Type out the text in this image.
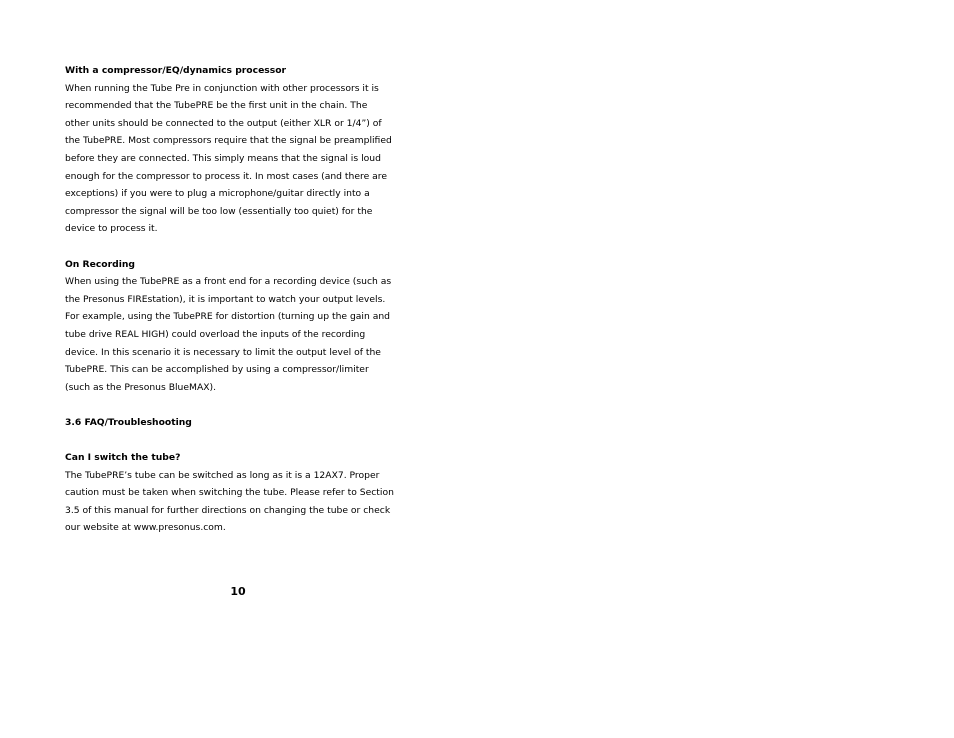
With a compressor/EQ/dynamics processor
When running the Tube Pre in conjunction with other processors it is
recommended that the TubePRE be the first unit in the chain. The
other units should be connected to the output (either XLR or 1/4”) of
the TubePRE. Most compressors require that the signal be preamplified
before they are connected. This simply means that the signal is loud
enough for the compressor to process it. In most cases (and there are
exceptions) if you were to plug a microphone/guitar directly into a
compressor the signal will be too low (essentially too quiet) for the
device to process it.
On Recording
When using the TubePRE as a front end for a recording device (such as
the Presonus FIREstation), it is important to watch your output levels.
For example, using the TubePRE for distortion (turning up the gain and
tube drive REAL HIGH) could overload the inputs of the recording
device. In this scenario it is necessary to limit the output level of the
TubePRE. This can be accomplished by using a compressor/limiter
(such as the Presonus BlueMAX).
3.6 FAQ/Troubleshooting
Can I switch the tube?
The TubePRE’s tube can be switched as long as it is a 12AX7. Proper
caution must be taken when switching the tube. Please refer to Section
3.5 of this manual for further directions on changing the tube or check
our website at www.presonus.com.
10
